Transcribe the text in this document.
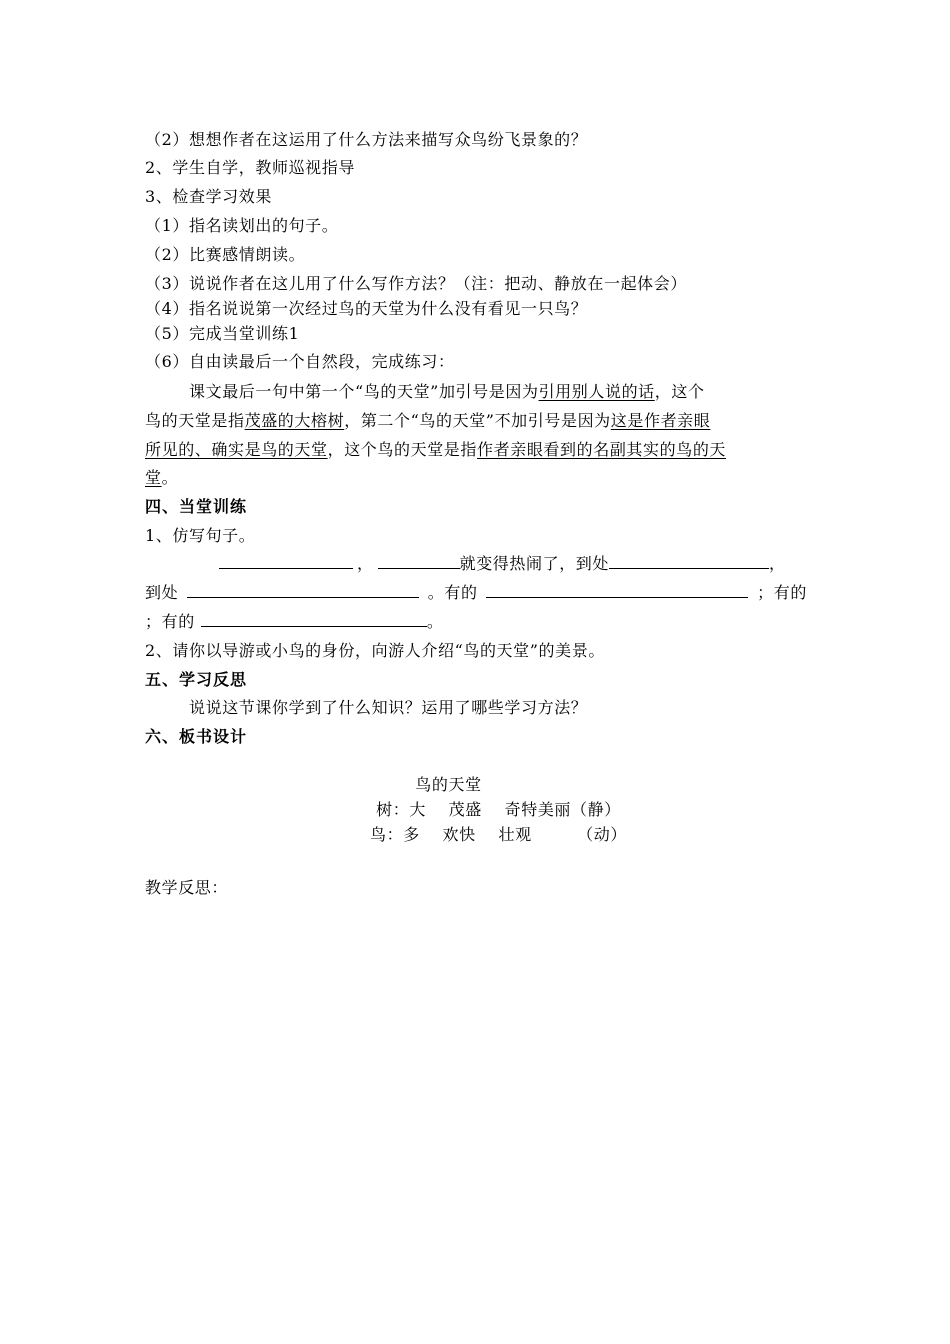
（2）想想作者在这运用了什么方法来描写众鸟纷飞景象的？
2、学生自学，教师巡视指导
3、检查学习效果
（1）指名读划出的句子。
（2）比赛感情朗读。
（3）说说作者在这儿用了什么写作方法？（注：把动、静放在一起体会）
（4）指名说说第一次经过鸟的天堂为什么没有看见一只鸟？
（5）完成当堂训练1
（6）自由读最后一个自然段，完成练习：
课文最后一句中第一个“鸟的天堂”加引号是因为引用别人说的话，这个
鸟的天堂是指茂盛的大榕树，第二个“鸟的天堂”不加引号是因为这是作者亲眼
所见的、确实是鸟的天堂，这个鸟的天堂是指作者亲眼看到的名副其实的鸟的天
堂。
四、当堂训练
1、仿写句子。
，	就变得热闹了，到处	，
到处	。有的	；有的
；有的	。
2、请你以导游或小鸟的身份，向游人介绍“鸟的天堂”的美景。
五、学习反思
说说这节课你学到了什么知识？运用了哪些学习方法？
六、板书设计
鸟的天堂
树：大    茂盛    奇特美丽（静）
鸟：多    欢快    壮观        （动）
教学反思：
